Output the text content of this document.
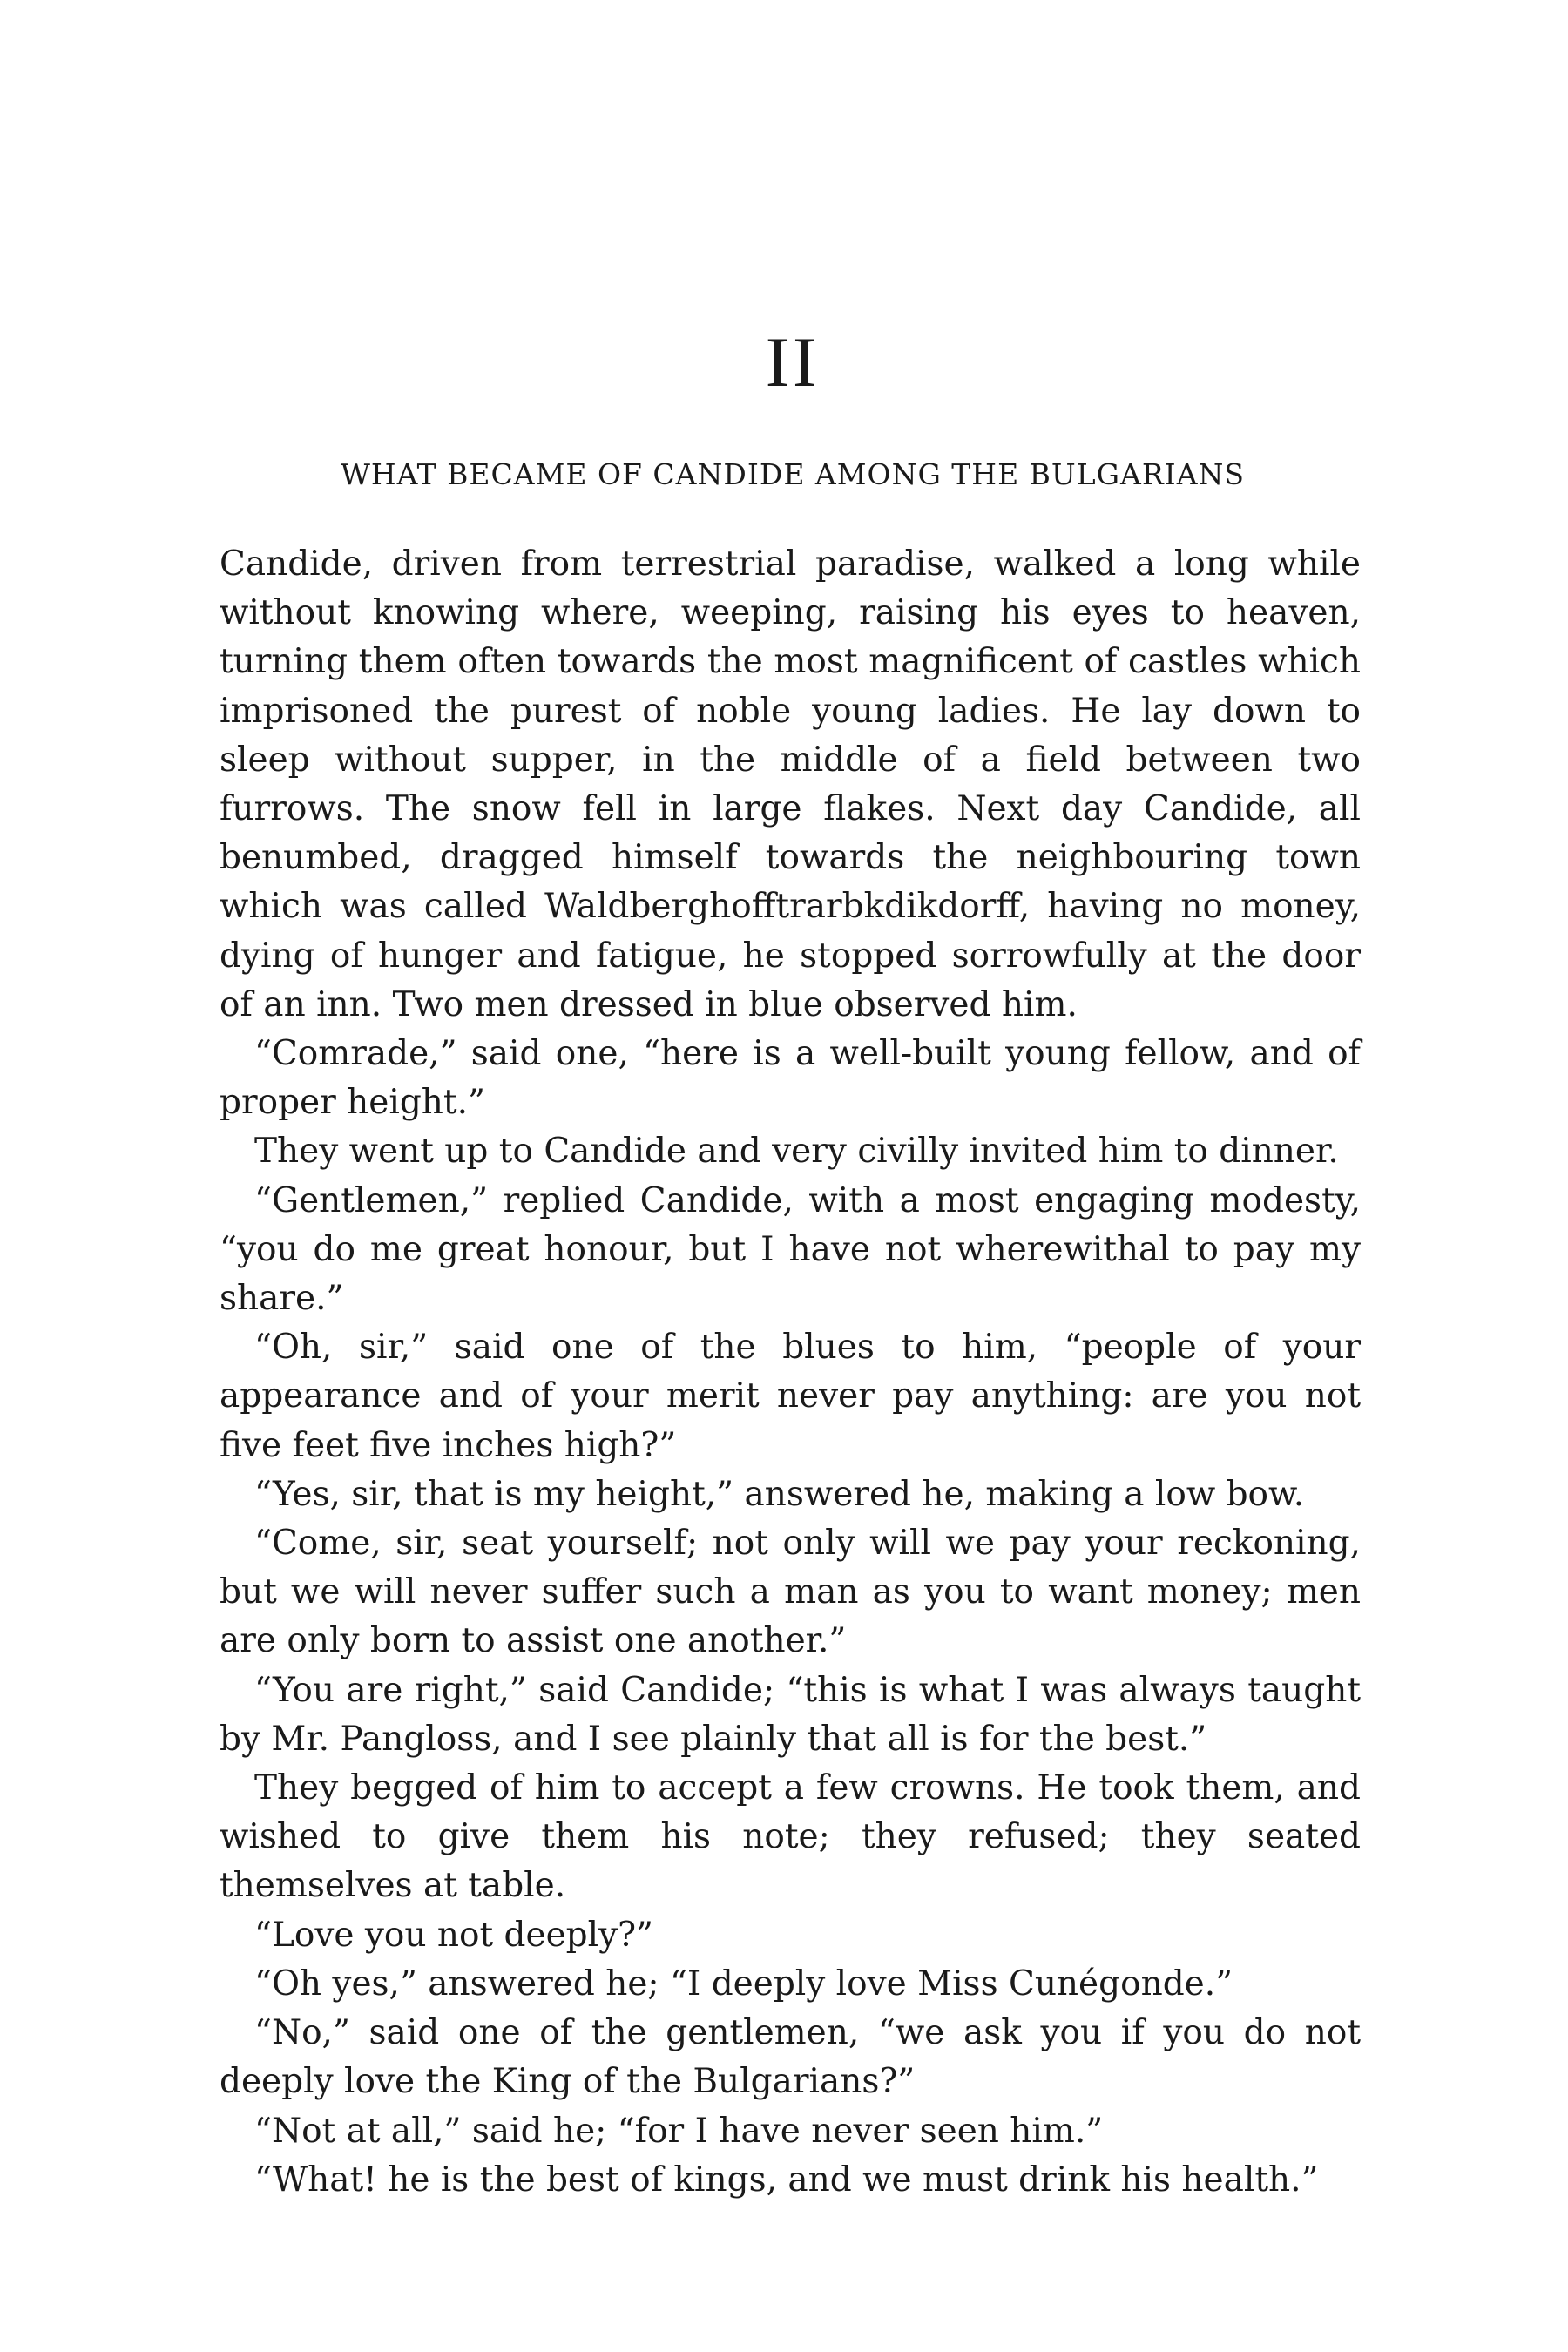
II
WHAT BECAME OF CANDIDE AMONG THE BULGARIANS

Candide, driven from terrestrial paradise, walked a long while without knowing where, weeping, raising his eyes to heaven, turning them often towards the most magnificent of castles which imprisoned the purest of noble young ladies. He lay down to sleep without supper, in the middle of a field between two furrows. The snow fell in large flakes. Next day Candide, all benumbed, dragged himself towards the neighbouring town which was called Waldberghofftrarbkdikdorff, having no money, dying of hunger and fatigue, he stopped sorrowfully at the door of an inn. Two men dressed in blue observed him.

“Comrade,” said one, “here is a well-built young fellow, and of proper height.”

They went up to Candide and very civilly invited him to dinner.

“Gentlemen,” replied Candide, with a most engaging modesty, “you do me great honour, but I have not wherewithal to pay my share.”

“Oh, sir,” said one of the blues to him, “people of your appearance and of your merit never pay anything: are you not five feet five inches high?”

“Yes, sir, that is my height,” answered he, making a low bow.

“Come, sir, seat yourself; not only will we pay your reckoning, but we will never suffer such a man as you to want money; men are only born to assist one another.”

“You are right,” said Candide; “this is what I was always taught by Mr. Pangloss, and I see plainly that all is for the best.”

They begged of him to accept a few crowns. He took them, and wished to give them his note; they refused; they seated themselves at table.

“Love you not deeply?”

“Oh yes,” answered he; “I deeply love Miss Cunégonde.”

“No,” said one of the gentlemen, “we ask you if you do not deeply love the King of the Bulgarians?”

“Not at all,” said he; “for I have never seen him.”

“What! he is the best of kings, and we must drink his health.”
